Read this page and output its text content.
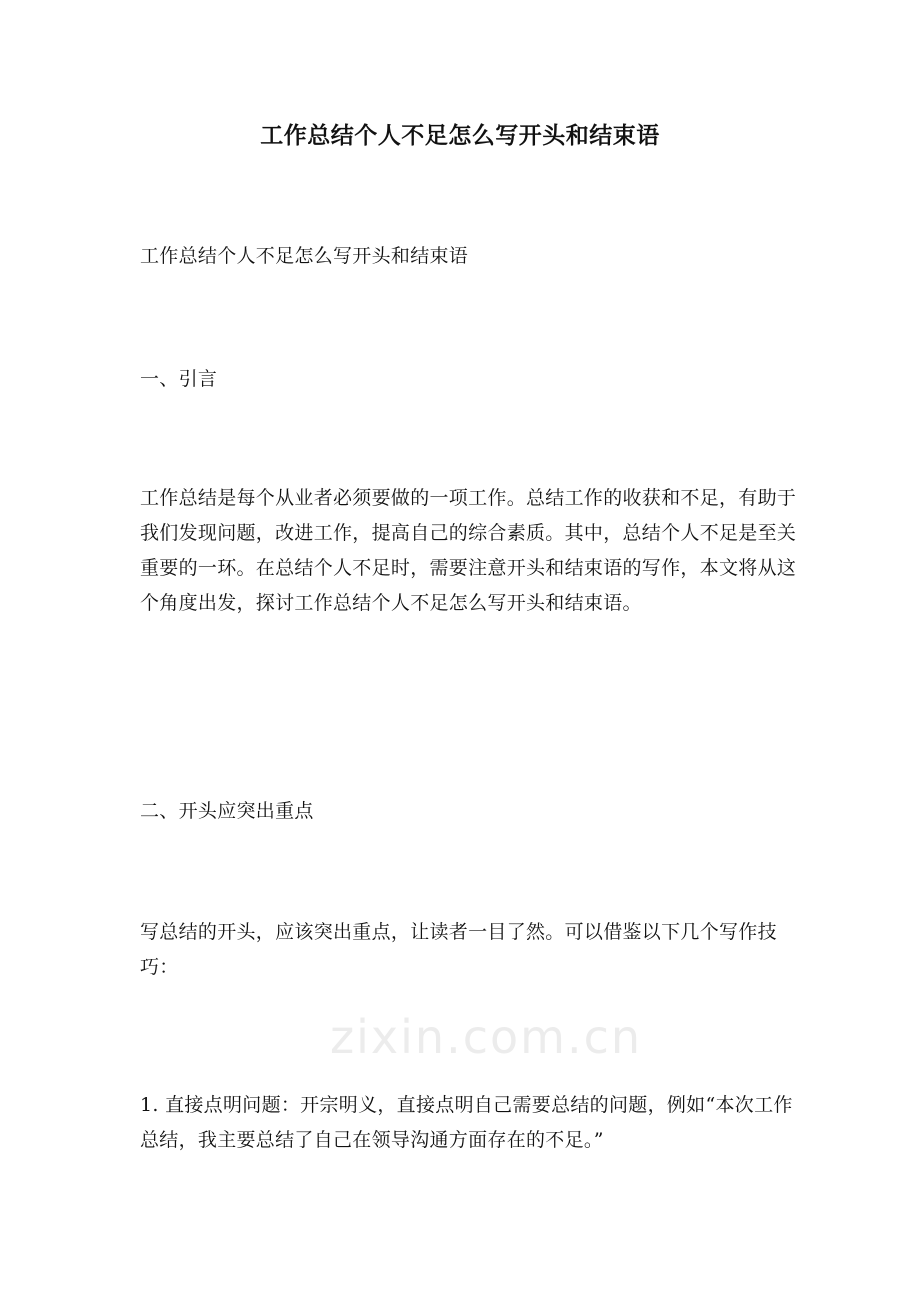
zixin.com.cn
工作总结个人不足怎么写开头和结束语

工作总结个人不足怎么写开头和结束语

一、引言

工作总结是每个从业者必须要做的一项工作。总结工作的收获和不足，有助于我们发现问题，改进工作，提高自己的综合素质。其中，总结个人不足是至关重要的一环。在总结个人不足时，需要注意开头和结束语的写作，本文将从这个角度出发，探讨工作总结个人不足怎么写开头和结束语。

二、开头应突出重点

写总结的开头，应该突出重点，让读者一目了然。可以借鉴以下几个写作技巧：

1. 直接点明问题：开宗明义，直接点明自己需要总结的问题，例如“本次工作总结，我主要总结了自己在领导沟通方面存在的不足。”
